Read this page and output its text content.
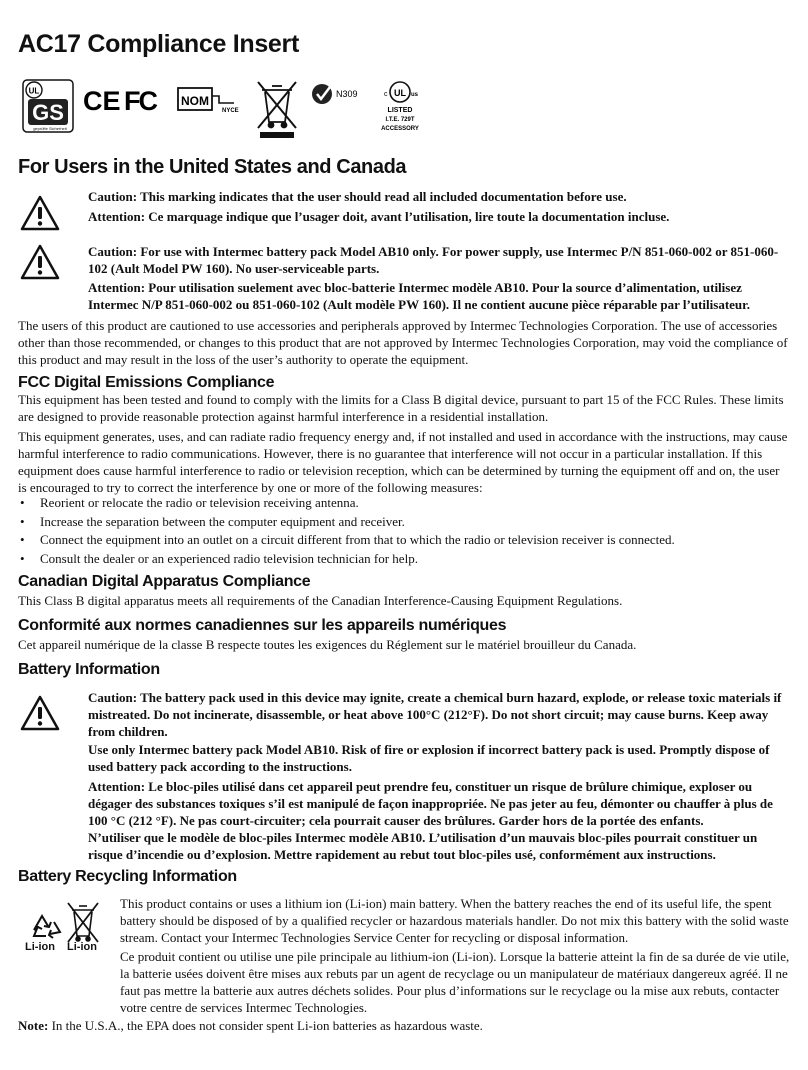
AC17 Compliance Insert
UL
GS
geprüfte Sicherheit
CE FC NOM
NYCE
N309	UL
c	us
LISTED
I.T.E. 729T
ACCESSORY
For Users in the United States and Canada

Caution: This marking indicates that the user should read all included documentation before use.

Attention: Ce marquage indique que l’usager doit, avant l’utilisation, lire toute la documentation incluse.

Caution: For use with Intermec battery pack Model AB10 only. For power supply, use Intermec P/N 851-060-002 or 851-060-102 (Ault Model PW 160). No user-serviceable parts.

Attention: Pour utilisation suelement avec bloc-batterie Intermec modèle AB10. Pour la source d’alimentation, utilisez Intermec N/P 851-060-002 ou 851-060-102 (Ault modèle PW 160). Il ne contient aucune pièce réparable par l’utilisateur.

The users of this product are cautioned to use accessories and peripherals approved by Intermec Technologies Corporation. The use of accessories other than those recommended, or changes to this product that are not approved by Intermec Technologies Corporation, may void the compliance of this product and may result in the loss of the user’s authority to operate the equipment.

FCC Digital Emissions Compliance

This equipment has been tested and found to comply with the limits for a Class B digital device, pursuant to part 15 of the FCC Rules. These limits are designed to provide reasonable protection against harmful interference in a residential installation.

This equipment generates, uses, and can radiate radio frequency energy and, if not installed and used in accordance with the instructions, may cause harmful interference to radio communications. However, there is no guarantee that interference will not occur in a particular installation. If this equipment does cause harmful interference to radio or television reception, which can be determined by turning the equipment off and on, the user is encouraged to try to correct the interference by one or more of the following measures:

• Reorient or relocate the radio or television receiving antenna.
• Increase the separation between the computer equipment and receiver.
• Connect the equipment into an outlet on a circuit different from that to which the radio or television receiver is connected.
• Consult the dealer or an experienced radio television technician for help.
Canadian Digital Apparatus Compliance

This Class B digital apparatus meets all requirements of the Canadian Interference-Causing Equipment Regulations.

Conformité aux normes canadiennes sur les appareils numériques

Cet appareil numérique de la classe B respecte toutes les exigences du Réglement sur le matériel brouilleur du Canada.

Battery Information

Caution: The battery pack used in this device may ignite, create a chemical burn hazard, explode, or release toxic materials if mistreated. Do not incinerate, disassemble, or heat above 100°C (212°F). Do not short circuit; may cause burns. Keep away from children.

Use only Intermec battery pack Model AB10. Risk of fire or explosion if incorrect battery pack is used. Promptly dispose of used battery pack according to the instructions.

Attention: Le bloc-piles utilisé dans cet appareil peut prendre feu, constituer un risque de brûlure chimique, exploser ou dégager des substances toxiques s’il est manipulé de façon inappropriée. Ne pas jeter au feu, démonter ou chauffer à plus de 100 °C (212 °F). Ne pas court-circuiter; cela pourrait causer des brûlures. Garder hors de la portée des enfants.

N’utiliser que le modèle de bloc-piles Intermec modèle AB10. L’utilisation d’un mauvais bloc-piles pourrait constituer un risque d’incendie ou d’explosion. Mettre rapidement au rebut tout bloc-piles usé, conformément aux instructions.

Battery Recycling Information
Li-ion Li-ion

This product contains or uses a lithium ion (Li-ion) main battery. When the battery reaches the end of its useful life, the spent battery should be disposed of by a qualified recycler or hazardous materials handler. Do not mix this battery with the solid waste stream. Contact your Intermec Technologies Service Center for recycling or disposal information.

Ce produit contient ou utilise une pile principale au lithium-ion (Li-ion). Lorsque la batterie atteint la fin de sa durée de vie utile, la batterie usées doivent être mises aux rebuts par un agent de recyclage ou un manipulateur de matériaux dangereux agréé. Il ne faut pas mettre la batterie aux autres déchets solides. Pour plus d’informations sur le recyclage ou la mise aux rebuts, contacter votre centre de services Intermec Technologies.

Note: In the U.S.A., the EPA does not consider spent Li-ion batteries as hazardous waste.
